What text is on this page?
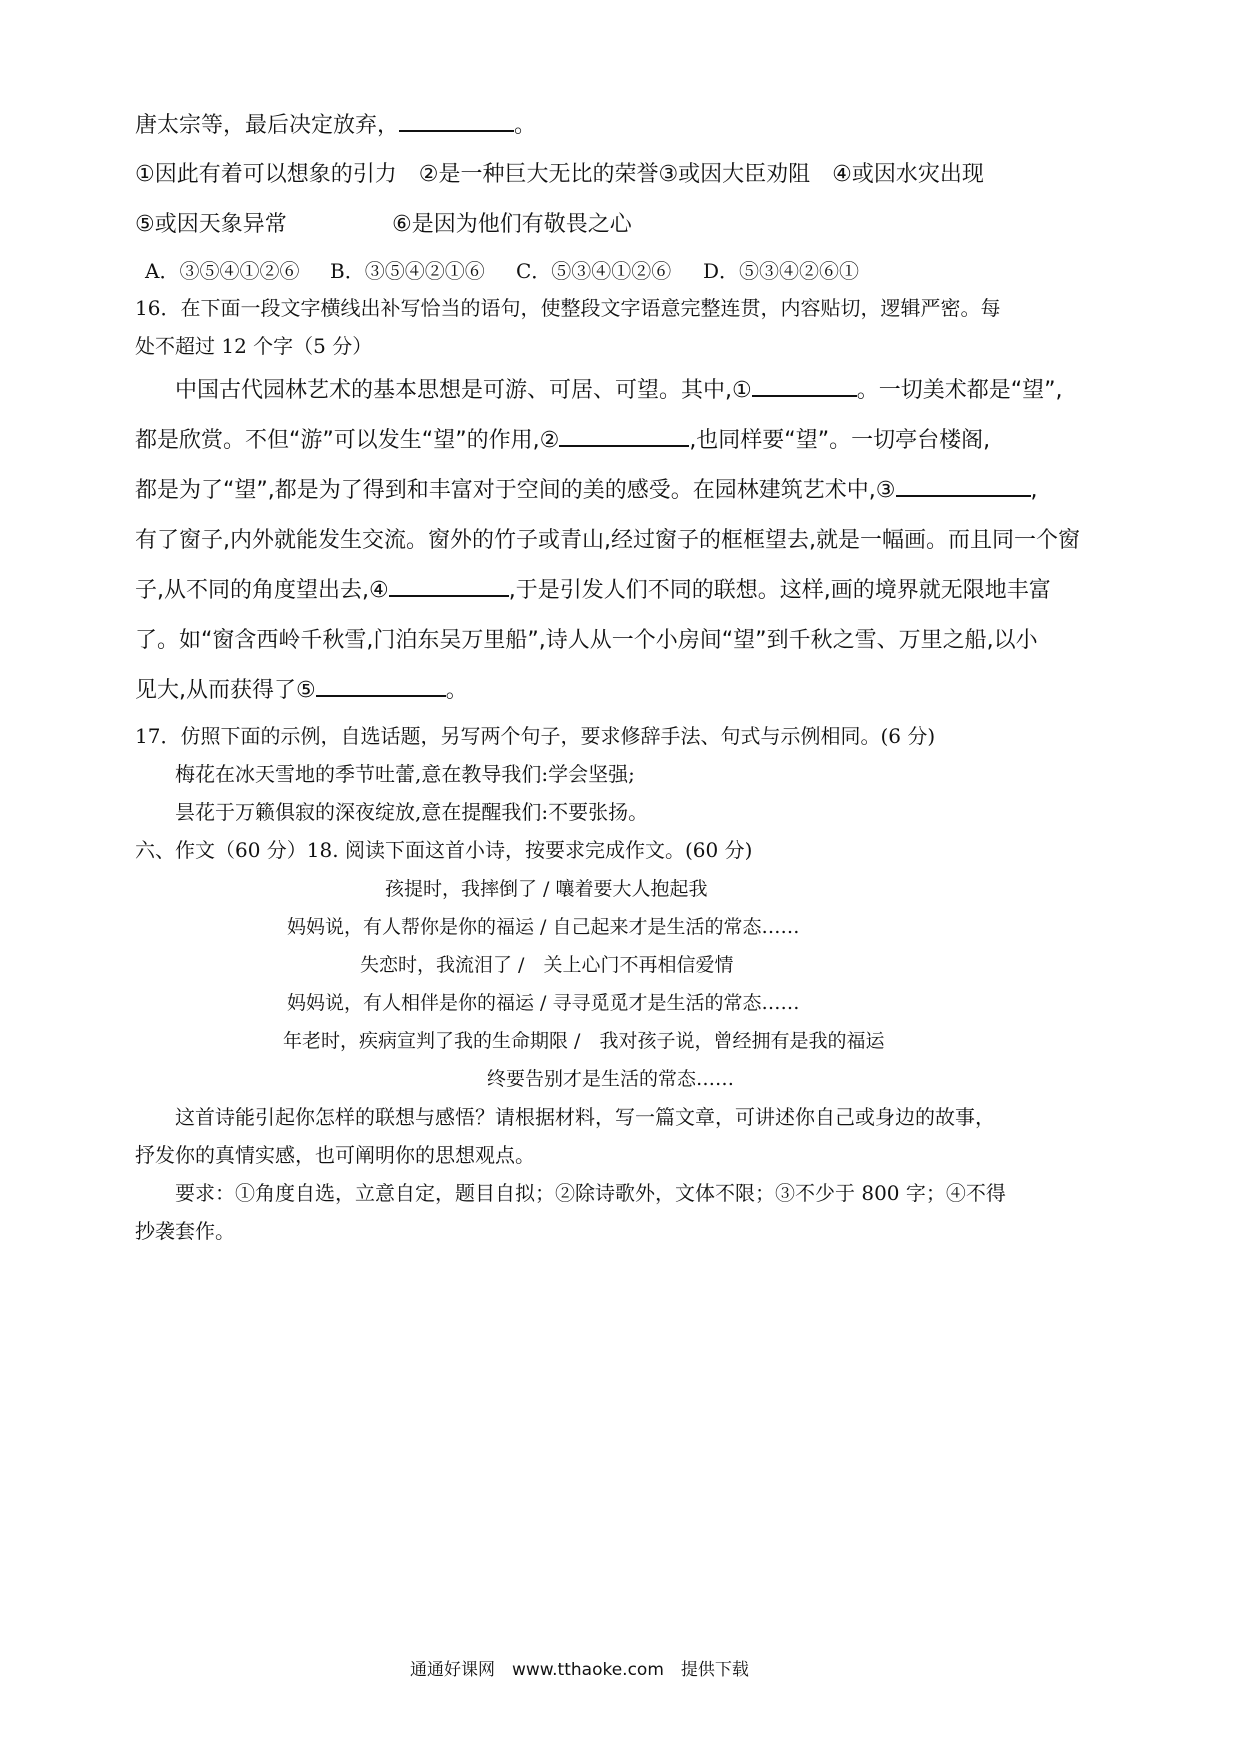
唐太宗等，最后决定放弃，	。
①因此有着可以想象的引力　②是一种巨大无比的荣誉③或因大臣劝阻　④或因水灾出现
⑤或因天象异常	⑥是因为他们有敬畏之心
A．③⑤④①②⑥ B．③⑤④②①⑥ C．⑤③④①②⑥ D．⑤③④②⑥①
16．在下面一段文字横线出补写恰当的语句，使整段文字语意完整连贯，内容贴切，逻辑严密。每
处不超过 12 个字（5 分）
中国古代园林艺术的基本思想是可游、可居、可望。其中,①	。一切美术都是“望”,
都是欣赏。不但“游”可以发生“望”的作用,②	,也同样要“望”。一切亭台楼阁,
都是为了“望”,都是为了得到和丰富对于空间的美的感受。在园林建筑艺术中,③	,
有了窗子,内外就能发生交流。窗外的竹子或青山,经过窗子的框框望去,就是一幅画。而且同一个窗
子,从不同的角度望出去,④	,于是引发人们不同的联想。这样,画的境界就无限地丰富
了。如“窗含西岭千秋雪,门泊东吴万里船”,诗人从一个小房间“望”到千秋之雪、万里之船,以小
见大,从而获得了⑤	。
17．仿照下面的示例，自选话题，另写两个句子，要求修辞手法、句式与示例相同。(6 分)
梅花在冰天雪地的季节吐蕾,意在教导我们:学会坚强;
昙花于万籁俱寂的深夜绽放,意在提醒我们:不要张扬。
六、作文（60 分）18. 阅读下面这首小诗，按要求完成作文。(60 分)
孩提时，我摔倒了 / 嚷着要大人抱起我
妈妈说，有人帮你是你的福运 / 自己起来才是生活的常态……
失恋时，我流泪了 /　关上心门不再相信爱情
妈妈说，有人相伴是你的福运 / 寻寻觅觅才是生活的常态……
年老时，疾病宣判了我的生命期限 /　我对孩子说，曾经拥有是我的福运
终要告别才是生活的常态……
这首诗能引起你怎样的联想与感悟？请根据材料，写一篇文章，可讲述你自己或身边的故事，
抒发你的真情实感，也可阐明你的思想观点。
要求：①角度自选，立意自定，题目自拟；②除诗歌外，文体不限；③不少于 800 字；④不得
抄袭套作。
通通好课网　www.tthaoke.com　提供下载
